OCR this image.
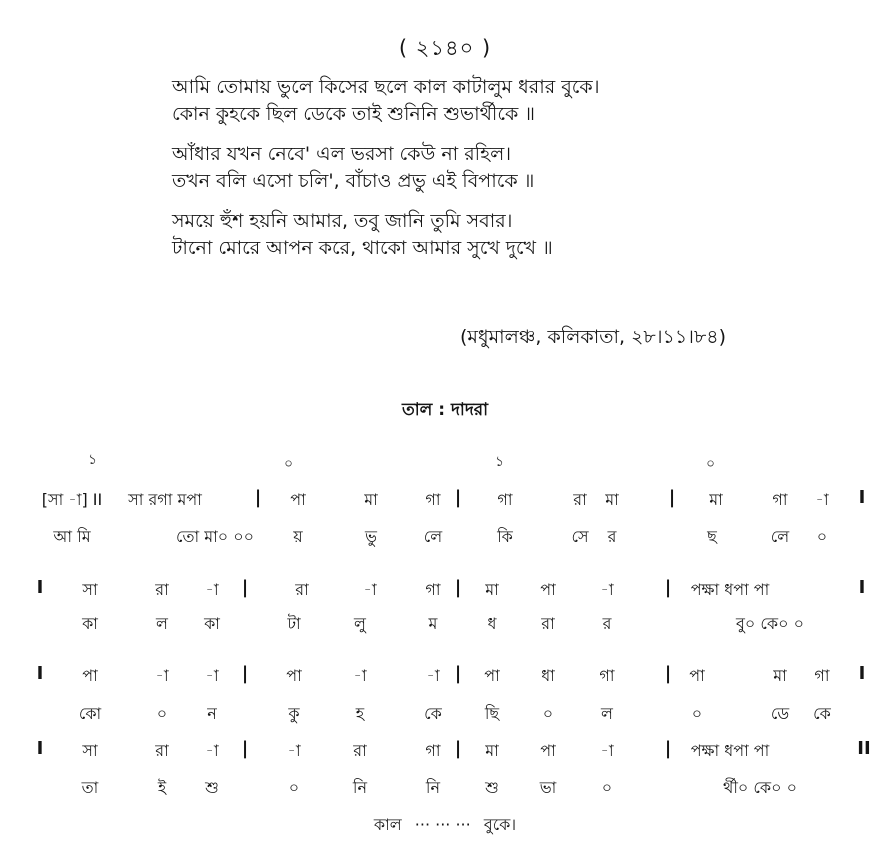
( ২১৪০ )
আমি তোমায় ভুলে কিসের ছলে কাল কাটালুম ধরার বুকে।
কোন কুহকে ছিল ডেকে তাই শুনিনি শুভার্থীকে ॥
আঁধার যখন নেবে' এল ভরসা কেউ না রহিল।
তখন বলি এসো চলি', বাঁচাও প্রভু এই বিপাকে ॥
সময়ে হুঁশ হয়নি আমার, তবু জানি তুমি সবার।
টানো মোরে আপন করে, থাকো আমার সুখে দুখে ॥
(মধুমালঞ্চ, কলিকাতা, ২৮।১১।৮৪)
তাল : দাদরা
১	০	১	০
[সা -া] II সা রগা মপা	| পা	মা	গা | গা	রা মা	| মা	গা -া I
আ মি	তো মা০ ০০ য়	ভু	লে	কি	সে র	ছ	লে ০
I সা	রা -া |	রা	-া	গা | মা	পা	-া	| পক্ষা ধপা পা	I
কা	ল কা	টা	লু	ম	ধ	রা	র	বু০ কে০ ০
I পা	-া -া | পা	-া	-া | পা	ধা	গা	| পা	মা গা I
কো	০	ন	কু	হ	কে	ছি	০	ল	০	ডে কে
I সা	রা -া | -া	রা	গা | মা	পা	-া	| পক্ষা ধপা পা	II
তা	ই শু	০	নি	নি	শু	ভা	০	র্থী০ কে০ ০
কাল ··· ··· ··· বুকে।
